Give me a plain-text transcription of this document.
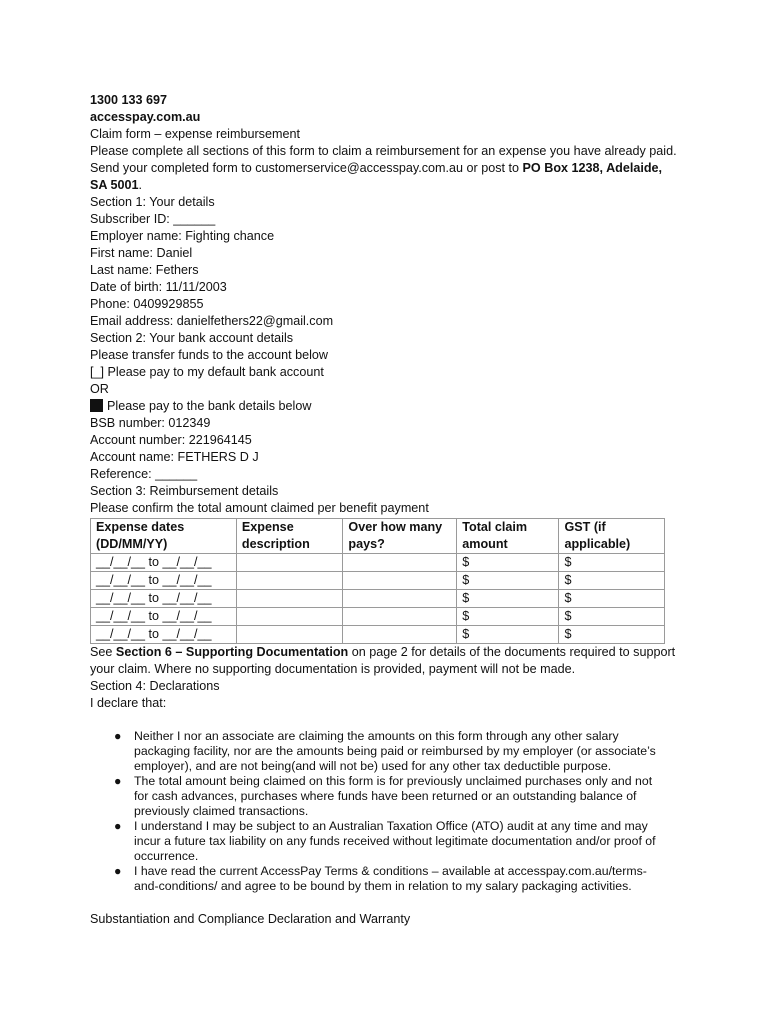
1300 133 697
accesspay.com.au
Claim form – expense reimbursement
Please complete all sections of this form to claim a reimbursement for an expense you have already paid.
Send your completed form to customerservice@accesspay.com.au or post to PO Box 1238, Adelaide,
SA 5001.
Section 1: Your details
Subscriber ID: ______
Employer name: Fighting chance
First name: Daniel
Last name: Fethers
Date of birth: 11/11/2003
Phone: 0409929855
Email address: danielfethers22@gmail.com
Section 2: Your bank account details
Please transfer funds to the account below
[_] Please pay to my default bank account
OR
Please pay to the bank details below
BSB number: 012349
Account number: 221964145
Account name: FETHERS D J
Reference: ______
Section 3: Reimbursement details
Please confirm the total amount claimed per benefit payment
Expense dates (DD/MM/YY)	Expense description	Over how many pays?	Total claim amount	GST (if applicable)
__/__/__ to __/__/__			$	$
__/__/__ to __/__/__			$	$
__/__/__ to __/__/__			$	$
__/__/__ to __/__/__			$	$
__/__/__ to __/__/__			$	$
See Section 6 – Supporting Documentation on page 2 for details of the documents required to support your claim. Where no supporting documentation is provided, payment will not be made.
Section 4: Declarations
I declare that:
● Neither I nor an associate are claiming the amounts on this form through any other salary packaging facility, nor are the amounts being paid or reimbursed by my employer (or associate’s employer), and are not being(and will not be) used for any other tax deductible purpose.
● The total amount being claimed on this form is for previously unclaimed purchases only and not for cash advances, purchases where funds have been returned or an outstanding balance of previously claimed transactions.
● I understand I may be subject to an Australian Taxation Office (ATO) audit at any time and may incur a future tax liability on any funds received without legitimate documentation and/or proof of occurrence.
● I have read the current AccessPay Terms & conditions – available at accesspay.com.au/terms-and-conditions/ and agree to be bound by them in relation to my salary packaging activities.
Substantiation and Compliance Declaration and Warranty
